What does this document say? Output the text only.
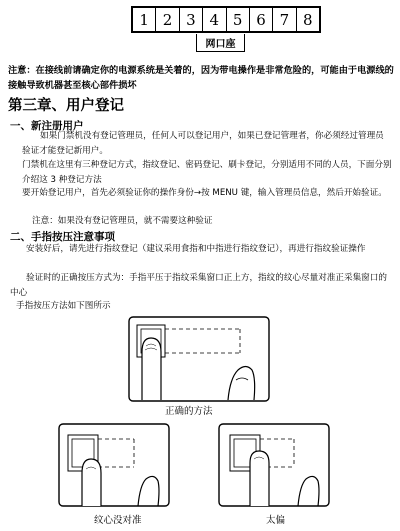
1 2 3 4 5 6 7 8
网口座
注意：在接线前请确定你的电源系统是关着的，因为带电操作是非常危险的，可能由于电源线的接触导致机器甚至核心部件损坏
第三章、用户登记
一、新注册用户
如果门禁机没有登记管理员，任何人可以登记用户，如果已登记管理者，你必须经过管理员验证才能登记新用户。
门禁机在这里有三种登记方式，指纹登记、密码登记、刷卡登记，分别适用不同的人员，下面分别介绍这 3 种登记方法
要开始登记用户，首先必须验证你的操作身份→按 MENU 键，输入管理员信息，然后开始验证。
注意：如果没有登记管理员，就不需要这种验证
二、手指按压注意事项
安装好后，请先进行指纹登记（建议采用食指和中指进行指纹登记），再进行指纹验证操作
验证时的正确按压方式为：手指平压于指纹采集窗口正上方，指纹的纹心尽量对准正采集窗口的中心
手指按压方法如下图所示
正确的方法
纹心没对准	太偏
